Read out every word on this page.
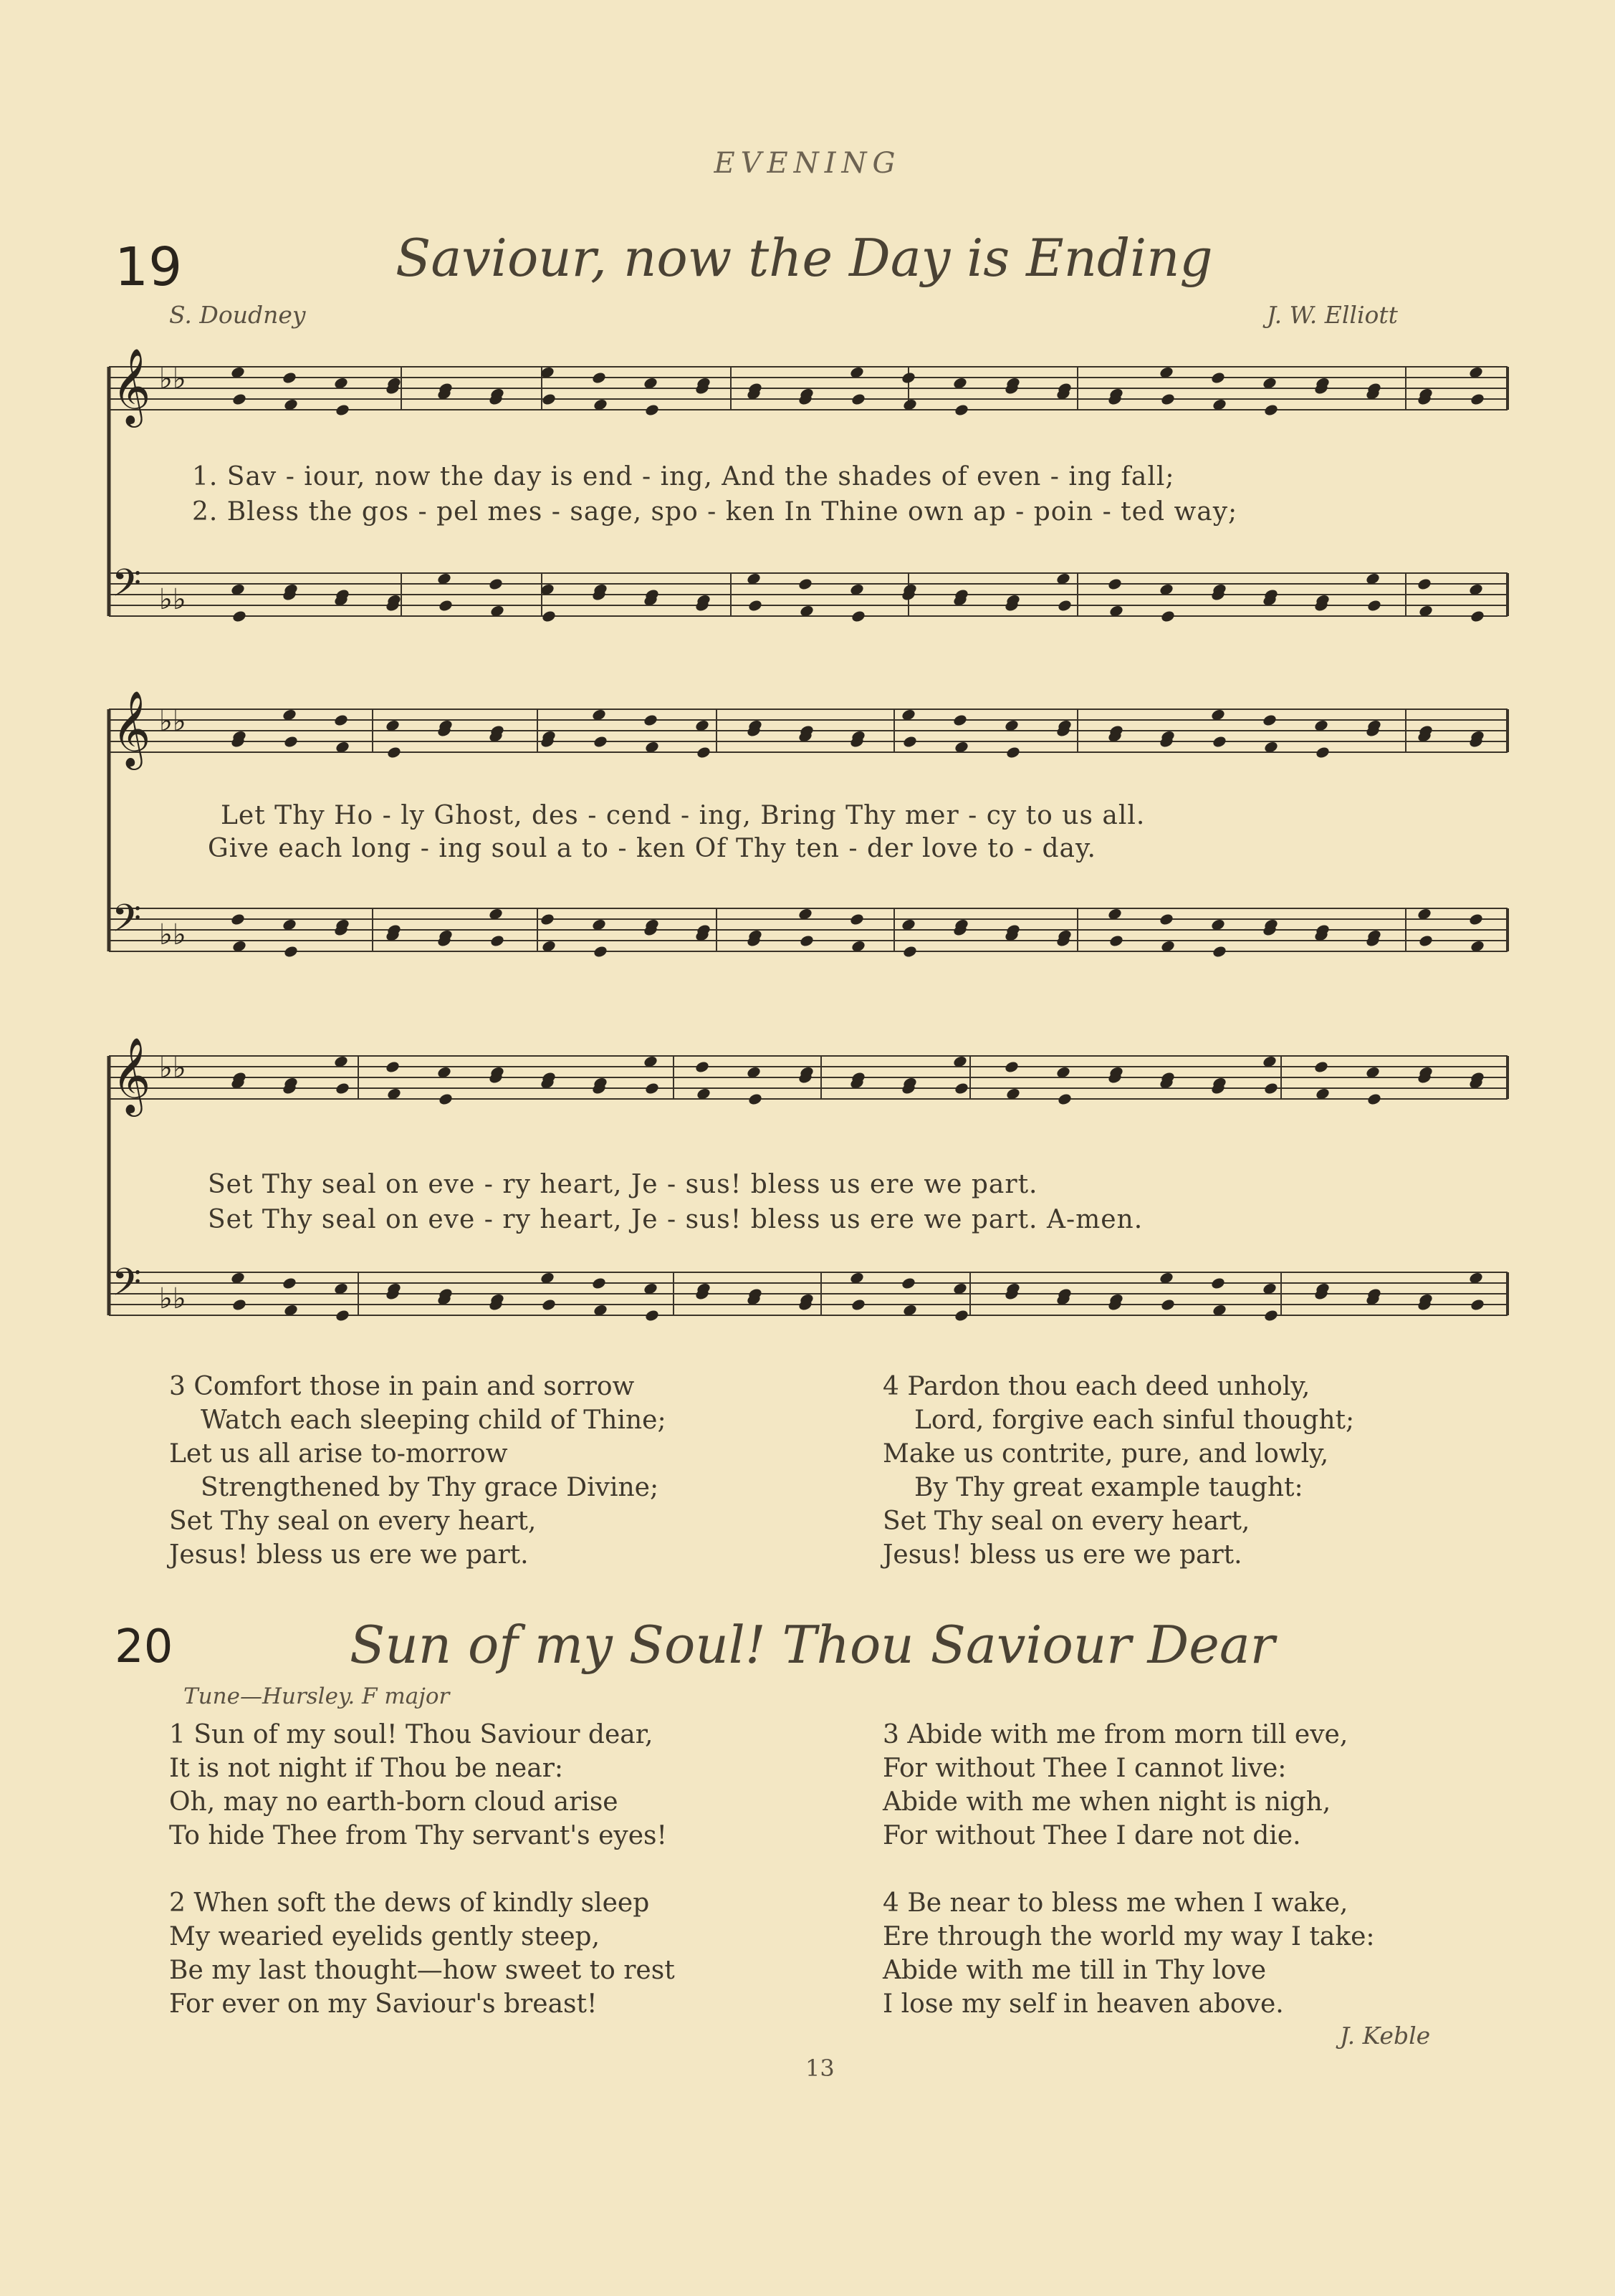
EVENING
19	Saviour, now the Day is Ending
S. Doudney	J. W. Elliott
𝄞 ♭♭
𝄢 ♭♭
𝄞 ♭♭
𝄢 ♭♭
𝄞 ♭♭
𝄢 ♭♭
1. Sav - iour, now the day is end - ing, And the shades of even - ing fall;
2. Bless the gos - pel mes - sage, spo - ken In Thine own ap - poin - ted way;
Let Thy Ho - ly Ghost, des - cend - ing, Bring Thy mer - cy to us all.
Give each long - ing soul a to - ken Of Thy ten - der love to - day.
Set Thy seal on eve - ry heart, Je - sus! bless us ere we part.
Set Thy seal on eve - ry heart, Je - sus! bless us ere we part. A-men.
3 Comfort those in pain and sorrow
Watch each sleeping child of Thine;
Let us all arise to-morrow
Strengthened by Thy grace Divine;
Set Thy seal on every heart,
Jesus! bless us ere we part.
4 Pardon thou each deed unholy,
Lord, forgive each sinful thought;
Make us contrite, pure, and lowly,
By Thy great example taught:
Set Thy seal on every heart,
Jesus! bless us ere we part.
20	Sun of my Soul! Thou Saviour Dear
Tune—Hursley. F major
1 Sun of my soul! Thou Saviour dear,
It is not night if Thou be near:
Oh, may no earth-born cloud arise
To hide Thee from Thy servant's eyes!
2 When soft the dews of kindly sleep
My wearied eyelids gently steep,
Be my last thought—how sweet to rest
For ever on my Saviour's breast!
3 Abide with me from morn till eve,
For without Thee I cannot live:
Abide with me when night is nigh,
For without Thee I dare not die.
4 Be near to bless me when I wake,
Ere through the world my way I take:
Abide with me till in Thy love
I lose my self in heaven above.
J. Keble
13
